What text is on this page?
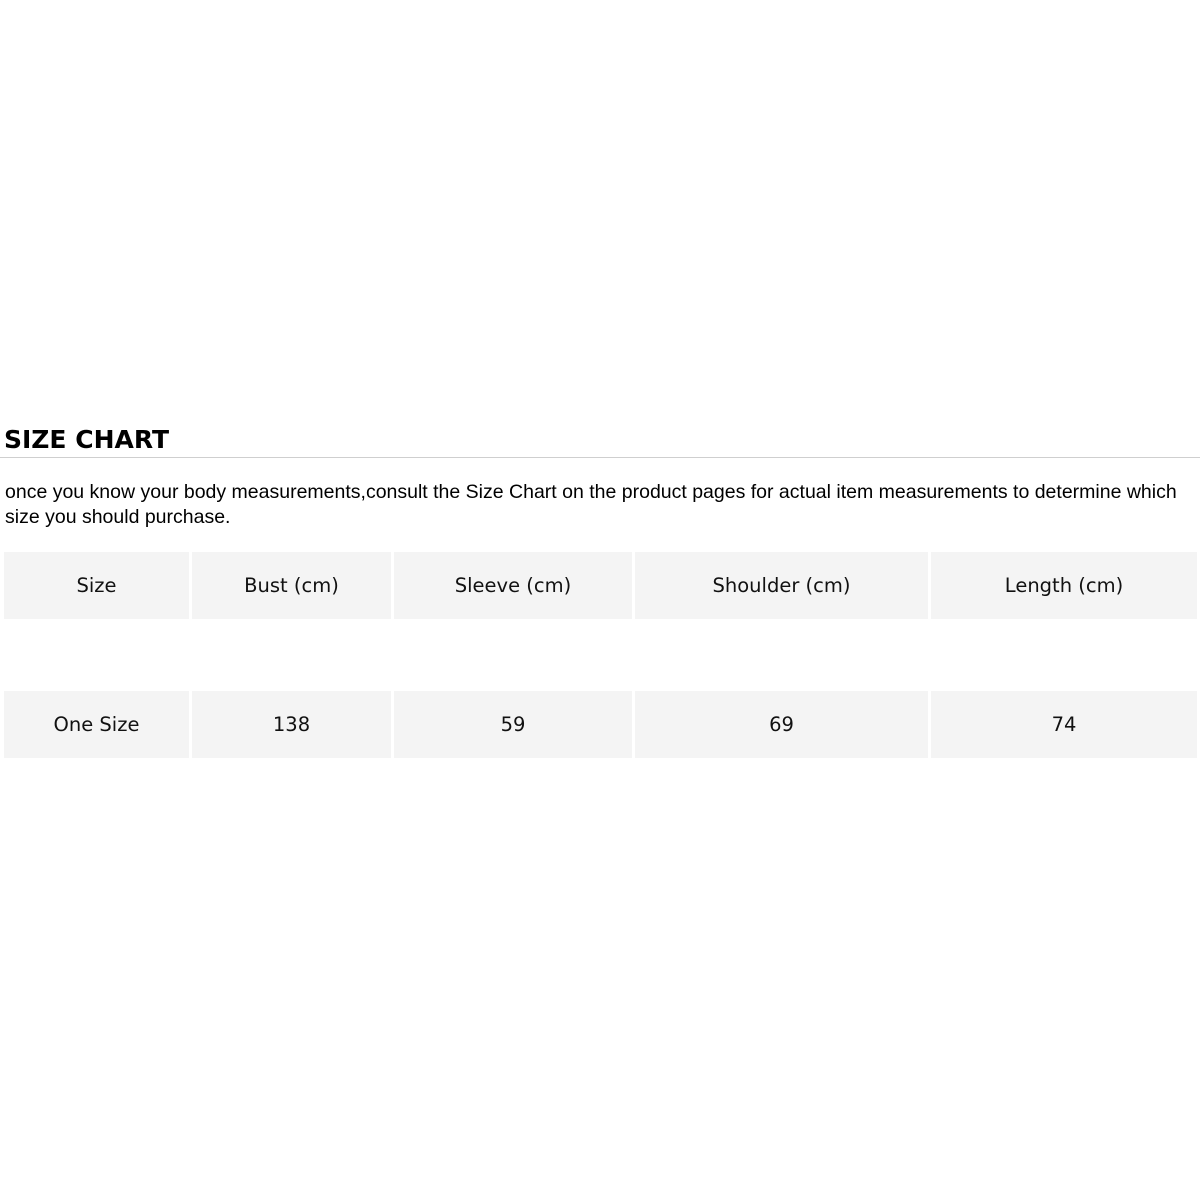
SIZE CHART

once you know your body measurements,consult the Size Chart on the product pages for actual item measurements to determine which size you should purchase.

Size	Bust (cm)	Sleeve (cm)	Shoulder (cm)	Length (cm)
One Size	138	59	69	74
